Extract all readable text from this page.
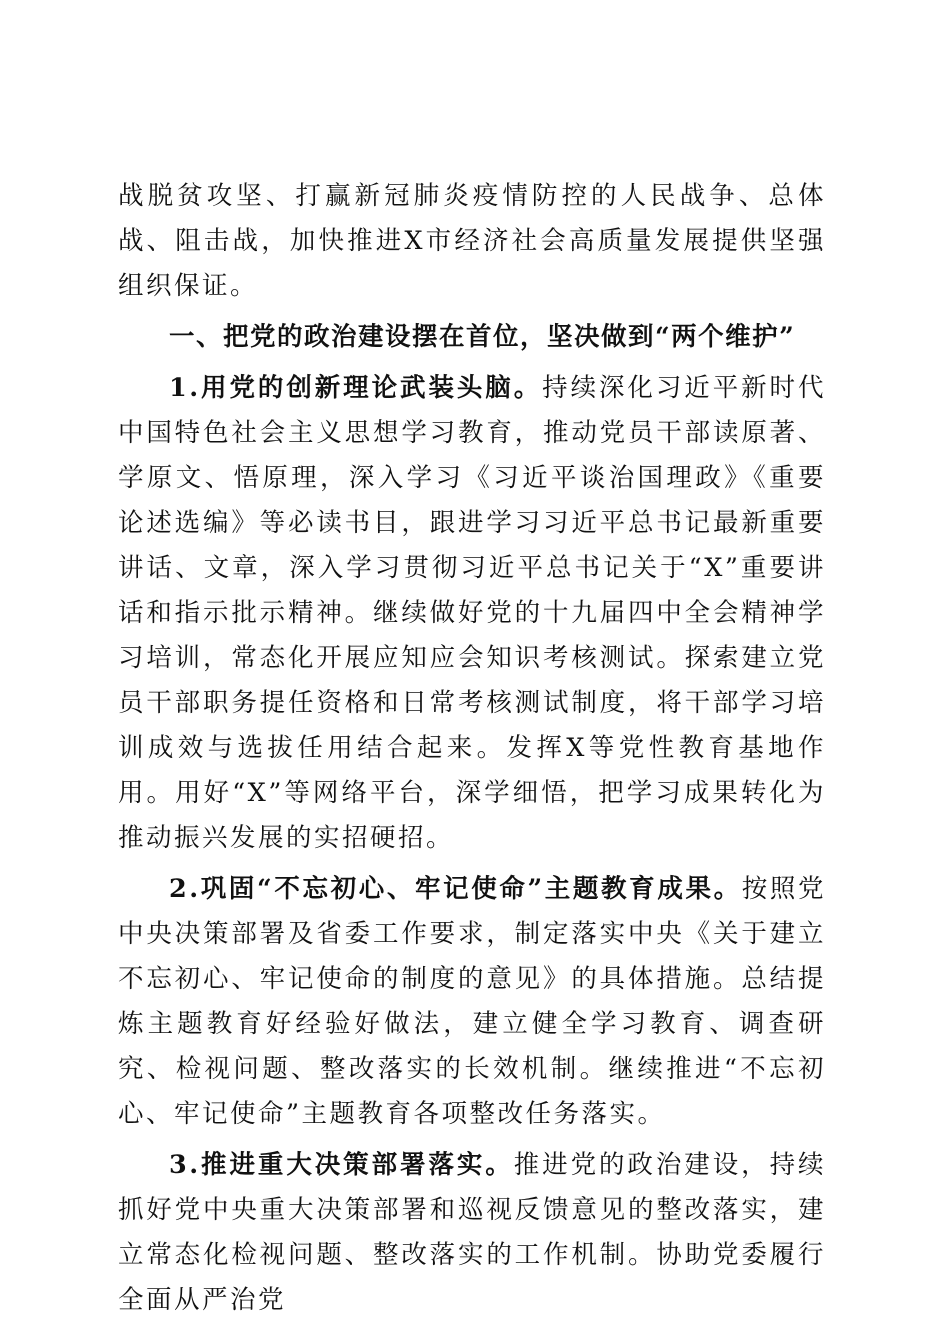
战脱贫攻坚、打赢新冠肺炎疫情防控的人民战争、总体战、阻击战，加快推进X市经济社会高质量发展提供坚强组织保证。

一、把党的政治建设摆在首位，坚决做到“两个维护”

1.用党的创新理论武装头脑。持续深化习近平新时代中国特色社会主义思想学习教育，推动党员干部读原著、学原文、悟原理，深入学习《习近平谈治国理政》《重要论述选编》等必读书目，跟进学习习近平总书记最新重要讲话、文章，深入学习贯彻习近平总书记关于“X”重要讲话和指示批示精神。继续做好党的十九届四中全会精神学习培训，常态化开展应知应会知识考核测试。探索建立党员干部职务提任资格和日常考核测试制度，将干部学习培训成效与选拔任用结合起来。发挥X等党性教育基地作用。用好“X”等网络平台，深学细悟，把学习成果转化为推动振兴发展的实招硬招。

2.巩固“不忘初心、牢记使命”主题教育成果。按照党中央决策部署及省委工作要求，制定落实中央《关于建立不忘初心、牢记使命的制度的意见》的具体措施。总结提炼主题教育好经验好做法，建立健全学习教育、调查研究、检视问题、整改落实的长效机制。继续推进“不忘初心、牢记使命”主题教育各项整改任务落实。

3.推进重大决策部署落实。推进党的政治建设，持续抓好党中央重大决策部署和巡视反馈意见的整改落实，建立常态化检视问题、整改落实的工作机制。协助党委履行全面从严治党
